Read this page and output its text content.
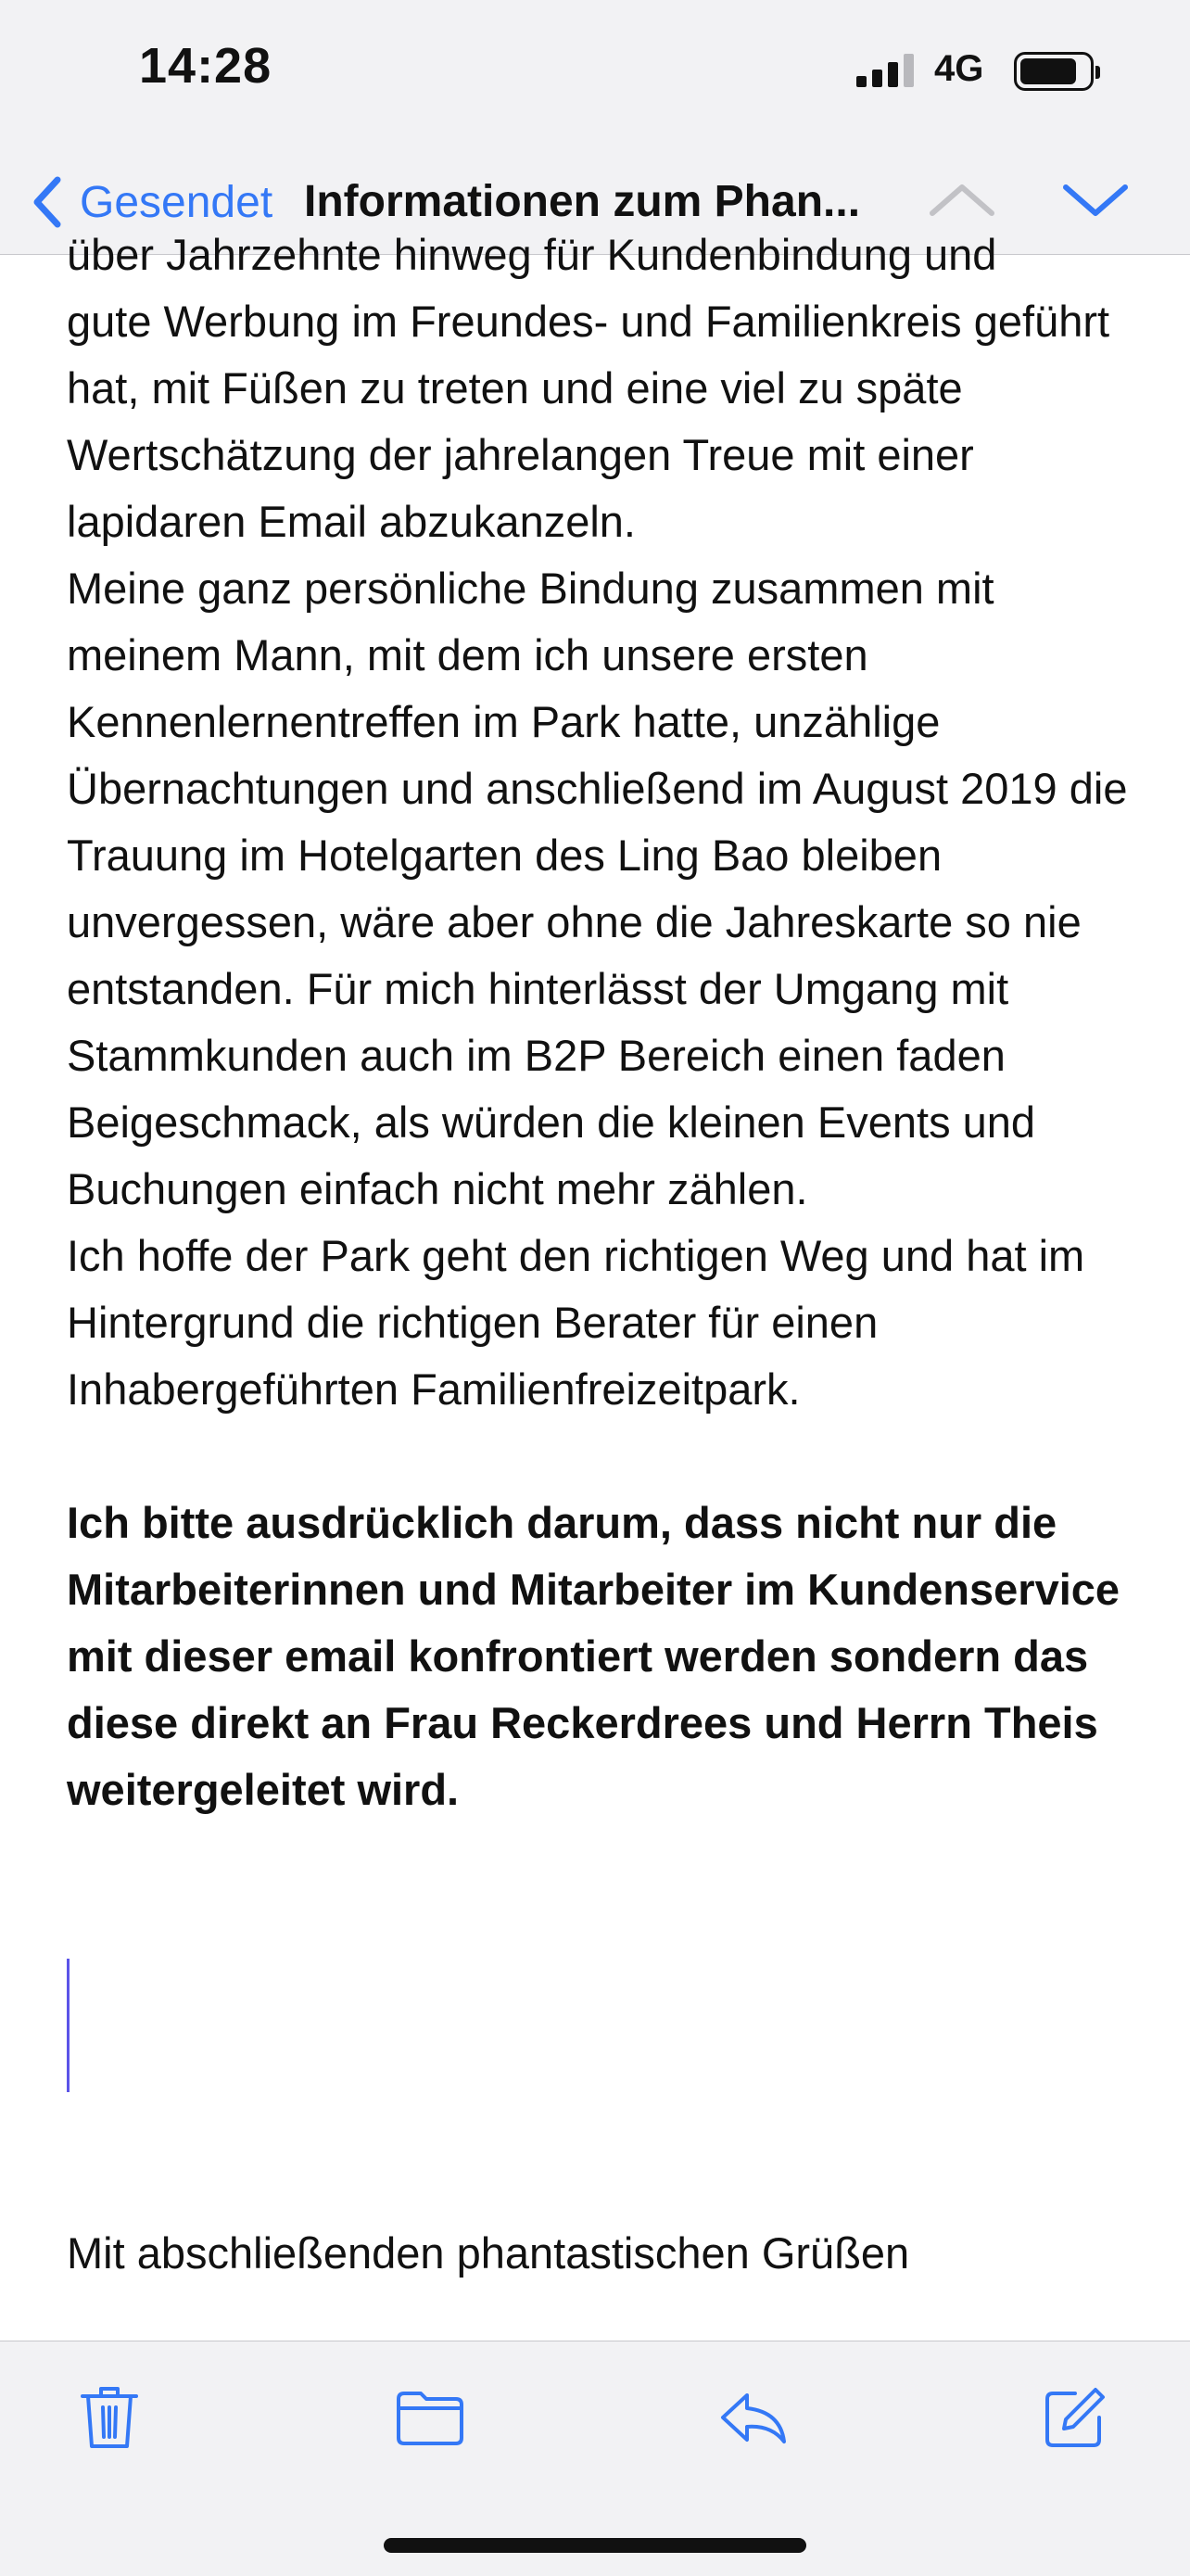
14:28	4G
Gesendet Informationen zum Phan...

über Jahrzehnte hinweg für Kundenbindung und

gute Werbung im Freundes- und Familienkreis geführt hat, mit Füßen zu treten und eine viel zu späte Wertschätzung der jahrelangen Treue mit einer lapidaren Email abzukanzeln.

Meine ganz persönliche Bindung zusammen mit meinem Mann, mit dem ich unsere ersten Kennenlernentreffen im Park hatte, unzählige Übernachtungen und anschließend im August 2019 die Trauung im Hotelgarten des Ling Bao bleiben unvergessen, wäre aber ohne die Jahreskarte so nie entstanden. Für mich hinterlässt der Umgang mit Stammkunden auch im B2P Bereich einen faden Beigeschmack, als würden die kleinen Events und Buchungen einfach nicht mehr zählen.

Ich hoffe der Park geht den richtigen Weg und hat im Hintergrund die richtigen Berater für einen Inhabergeführten Familienfreizeitpark.

Ich bitte ausdrücklich darum, dass nicht nur die Mitarbeiterinnen und Mitarbeiter im Kundenservice mit dieser email konfrontiert werden sondern das diese direkt an Frau Reckerdrees und Herrn Theis weitergeleitet wird.

Mit abschließenden phantastischen Grüßen
